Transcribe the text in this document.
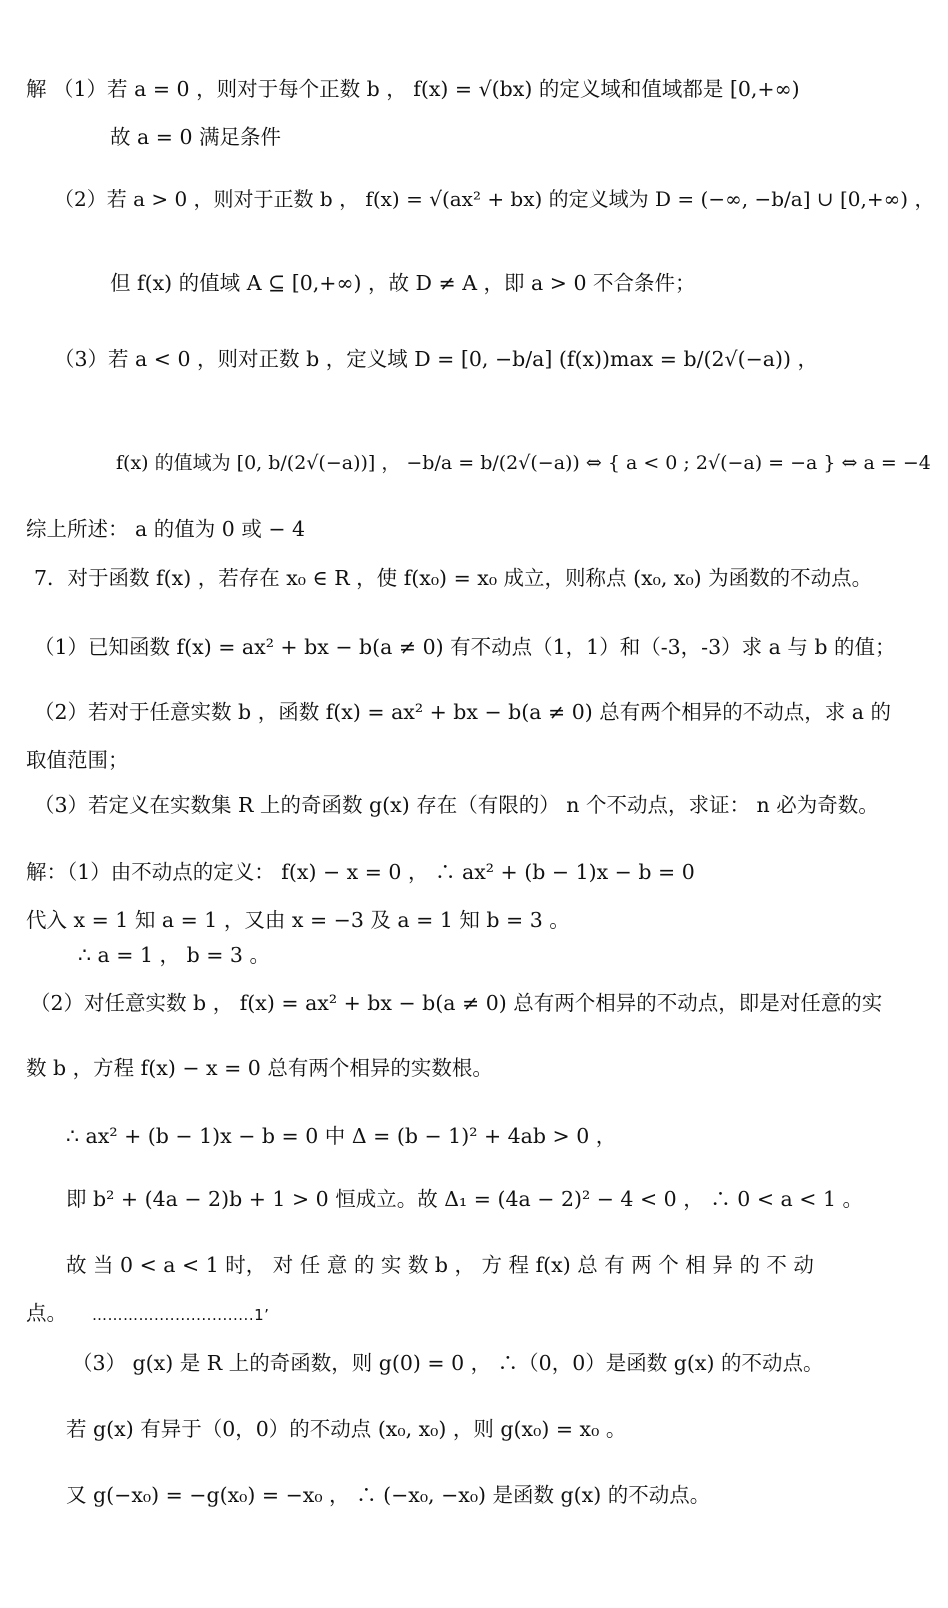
解 （1）若 a = 0 ，则对于每个正数 b ， f(x) = √(bx) 的定义域和值域都是 [0,+∞)
故 a = 0 满足条件
（2）若 a > 0 ，则对于正数 b ， f(x) = √(ax² + bx) 的定义域为 D = (−∞, −b/a] ∪ [0,+∞) ，
但 f(x) 的值域 A ⊆ [0,+∞) ，故 D ≠ A ，即 a > 0 不合条件；
（3）若 a < 0 ，则对正数 b ，定义域 D = [0, −b/a] (f(x))max = b/(2√(−a)) ，
f(x) 的值域为 [0, b/(2√(−a))] ， −b/a = b/(2√(−a)) ⇔ { a < 0 ; 2√(−a) = −a } ⇔ a = −4
综上所述： a 的值为 0 或 − 4
7．对于函数 f(x) ，若存在 x₀ ∈ R ，使 f(x₀) = x₀ 成立，则称点 (x₀, x₀) 为函数的不动点。
（1）已知函数 f(x) = ax² + bx − b(a ≠ 0) 有不动点（1，1）和（-3，-3）求 a 与 b 的值；
（2）若对于任意实数 b ，函数 f(x) = ax² + bx − b(a ≠ 0) 总有两个相异的不动点，求 a 的
取值范围；
（3）若定义在实数集 R 上的奇函数 g(x) 存在（有限的） n 个不动点，求证： n 必为奇数。
解：（1）由不动点的定义： f(x) − x = 0 ， ∴ ax² + (b − 1)x − b = 0
代入 x = 1 知 a = 1 ，又由 x = −3 及 a = 1 知 b = 3 。
∴ a = 1 ， b = 3 。
（2）对任意实数 b ， f(x) = ax² + bx − b(a ≠ 0) 总有两个相异的不动点，即是对任意的实
数 b ，方程 f(x) − x = 0 总有两个相异的实数根。
∴ ax² + (b − 1)x − b = 0 中 Δ = (b − 1)² + 4ab > 0 ，
即 b² + (4a − 2)b + 1 > 0 恒成立。故 Δ₁ = (4a − 2)² − 4 < 0 ， ∴ 0 < a < 1 。
故 当 0 < a < 1 时， 对 任 意 的 实 数 b ， 方 程 f(x) 总 有 两 个 相 异 的 不 动
点。 …………...................1’
（3） g(x) 是 R 上的奇函数，则 g(0) = 0 ， ∴（0，0）是函数 g(x) 的不动点。
若 g(x) 有异于（0，0）的不动点 (x₀, x₀) ，则 g(x₀) = x₀ 。
又 g(−x₀) = −g(x₀) = −x₀ ， ∴ (−x₀, −x₀) 是函数 g(x) 的不动点。
